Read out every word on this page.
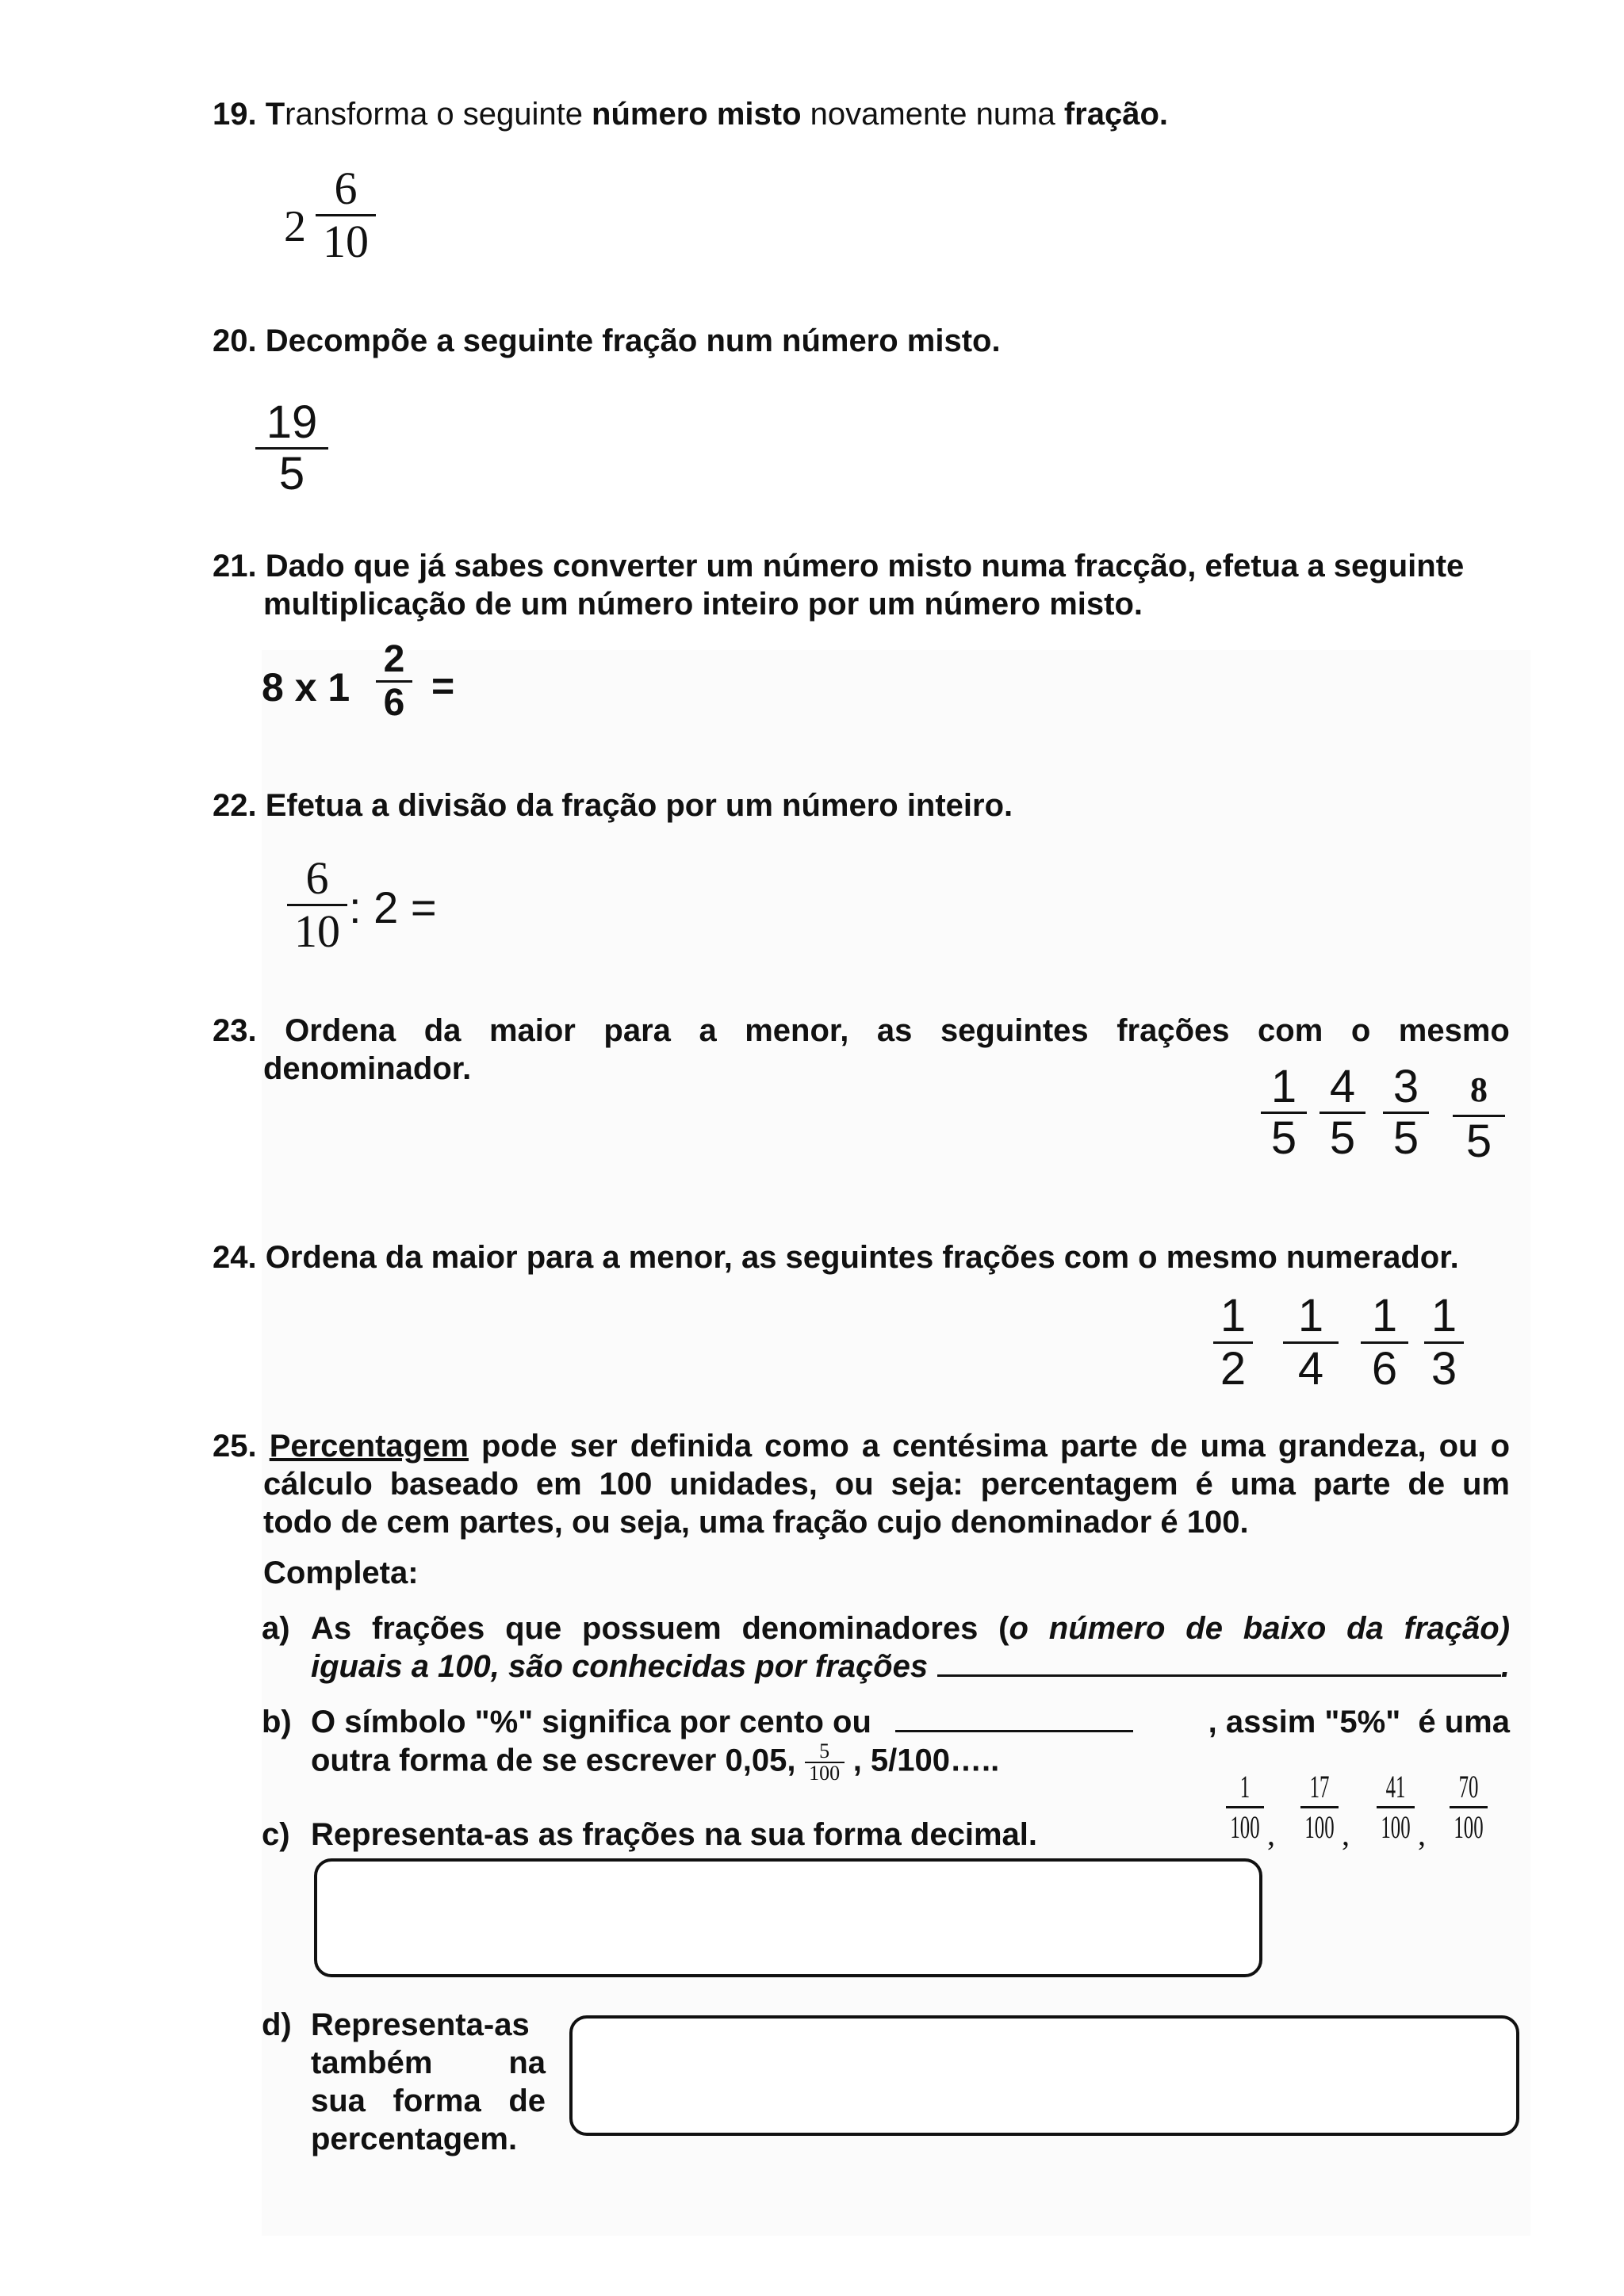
19. Transforma o seguinte número misto novamente numa fração.
2
6
10
20. Decompõe a seguinte fração num número misto.
19
5
21. Dado que já sabes converter um número misto numa fracção, efetua a seguinte
multiplicação de um número inteiro por um número misto.
8 x 1
2
6 =
22. Efetua a divisão da fração por um número inteiro.
6
10 : 2 =
23. Ordena da maior para a menor, as seguintes frações com o mesmo
denominador.	1
5
4
5
3
5
8
5
24. Ordena da maior para a menor, as seguintes frações com o mesmo numerador.
1
2
1
4
1
6
1
3
25. Percentagem pode ser definida como a centésima parte de uma grandeza, ou o
cálculo baseado em 100 unidades, ou seja: percentagem é uma parte de um
todo de cem partes, ou seja, uma fração cujo denominador é 100.
Completa:
a) As frações que possuem denominadores (o número de baixo da fração)
iguais a 100, são conhecidas por frações	.
b) O símbolo "%" significa por cento ou	, assim "5%"  é uma
outra forma de se escrever 0,05, $\frac{5}{100}$ , 5/100…..
c) Representa-as as frações na sua forma decimal.
1
100 ,
17
100 ,
41
100 ,
70
100
d) Representa-as
também na
sua forma de
percentagem.
